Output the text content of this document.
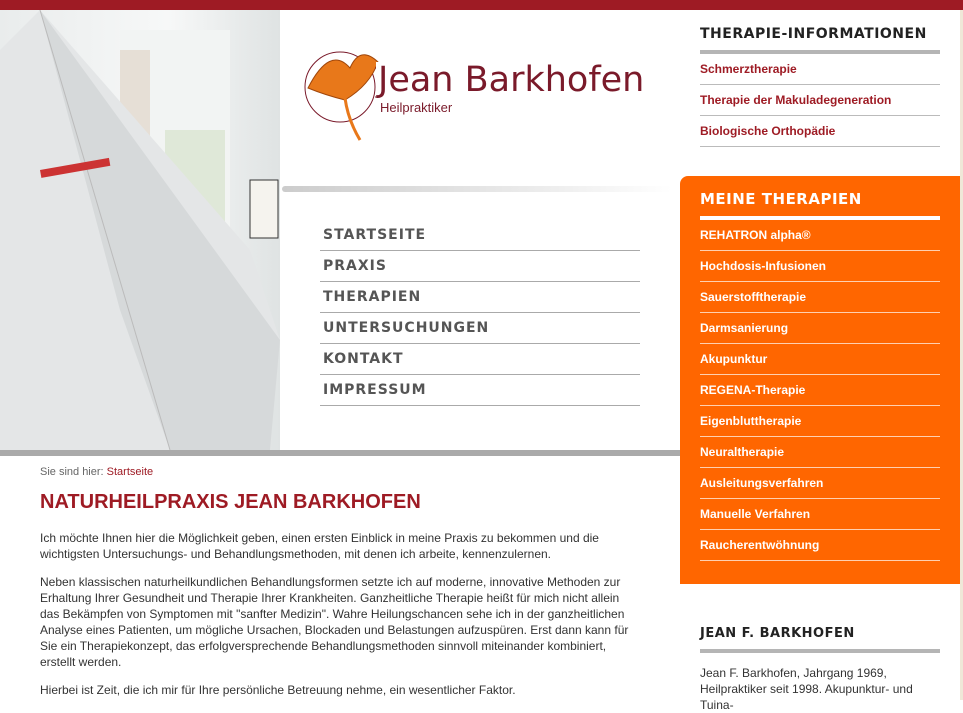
Jean Barkhofen
Heilpraktiker
STARTSEITE
PRAXIS
THERAPIEN
UNTERSUCHUNGEN
KONTAKT
IMPRESSUM
Sie sind hier: Startseite
NATURHEILPRAXIS JEAN BARKHOFEN

Ich möchte Ihnen hier die Möglichkeit geben, einen ersten Einblick in meine Praxis zu bekommen und die wichtigsten Untersuchungs- und Behandlungsmethoden, mit denen ich arbeite, kennenzulernen.

Neben klassischen naturheilkundlichen Behandlungsformen setzte ich auf moderne, innovative Methoden zur Erhaltung Ihrer Gesundheit und Therapie Ihrer Krankheiten. Ganzheitliche Therapie heißt für mich nicht allein das Bekämpfen von Symptomen mit "sanfter Medizin". Wahre Heilungschancen sehe ich in der ganzheitlichen Analyse eines Patienten, um mögliche Ursachen, Blockaden und Belastungen aufzuspüren. Erst dann kann für Sie ein Therapiekonzept, das erfolgversprechende Behandlungsmethoden sinnvoll miteinander kombiniert, erstellt werden.

Hierbei ist Zeit, die ich mir für Ihre persönliche Betreuung nehme, ein wesentlicher Faktor.

THERAPIE-INFORMATIONEN
Schmerztherapie
Therapie der Makuladegeneration
Biologische Orthopädie
MEINE THERAPIEN
REHATRON alpha®
Hochdosis-Infusionen
Sauerstofftherapie
Darmsanierung
Akupunktur
REGENA-Therapie
Eigenbluttherapie
Neuraltherapie
Ausleitungsverfahren
Manuelle Verfahren
Raucherentwöhnung
JEAN F. BARKHOFEN

Jean F. Barkhofen, Jahrgang 1969, Heilpraktiker seit 1998. Akupunktur- und Tuina-
